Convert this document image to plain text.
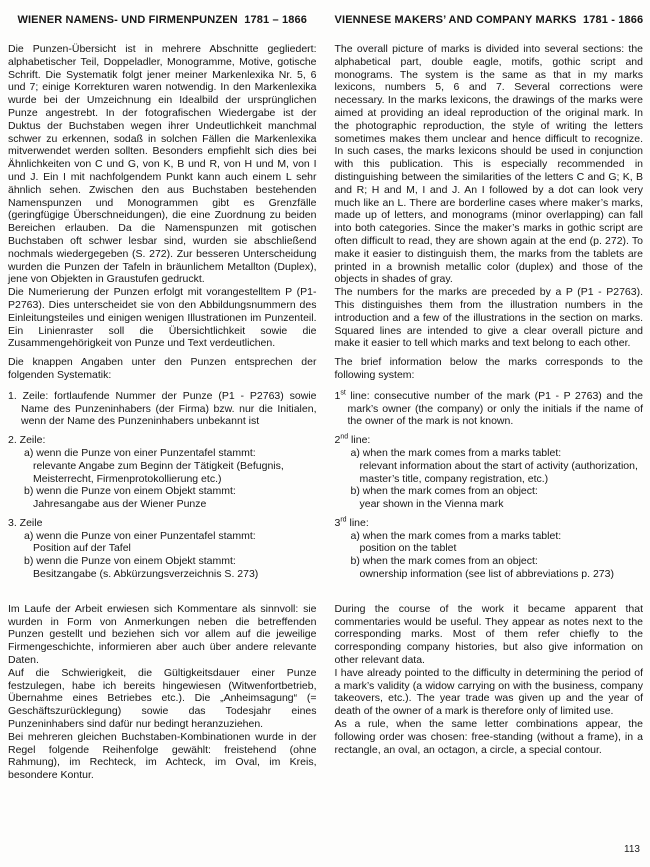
WIENER NAMENS- UND FIRMENPUNZEN  1781 – 1866

Die Punzen-Übersicht ist in mehrere Abschnitte gegliedert: alphabetischer Teil, Doppeladler, Monogramme, Motive, gotische Schrift. Die Systematik folgt jener meiner Markenlexika Nr. 5, 6 und 7; einige Korrekturen waren notwendig. In den Markenlexika wurde bei der Umzeichnung ein Idealbild der ursprünglichen Punze angestrebt. In der fotografischen Wiedergabe ist der Duktus der Buchstaben wegen ihrer Undeutlichkeit manchmal schwer zu erkennen, sodaß in solchen Fällen die Markenlexika mitverwendet werden sollten. Besonders empfiehlt sich dies bei Ähnlichkeiten von C und G, von K, B und R, von H und M, von I und J. Ein I mit nachfolgendem Punkt kann auch einem L sehr ähnlich sehen. Zwischen den aus Buchstaben bestehenden Namenspunzen und Monogrammen gibt es Grenzfälle (geringfügige Überschneidungen), die eine Zuordnung zu beiden Bereichen erlauben. Da die Namenspunzen mit gotischen Buchstaben oft schwer lesbar sind, wurden sie abschließend nochmals wiedergegeben (S. 272). Zur besseren Unterscheidung wurden die Punzen der Tafeln in bräunlichem Metallton (Duplex), jene von Objekten in Graustufen gedruckt.

Die Numerierung der Punzen erfolgt mit vorangestelltem P (P1-P2763). Dies unterscheidet sie von den Abbildungsnummern des Einleitungsteiles und einigen wenigen Illustrationen im Punzenteil. Ein Linienraster soll die Übersichtlichkeit sowie die Zusammengehörigkeit von Punze und Text verdeutlichen.

Die knappen Angaben unter den Punzen entsprechen der folgenden Systematik:

1. Zeile: fortlaufende Nummer der Punze (P1 - P2763) sowie Name des Punzeninhabers (der Firma) bzw. nur die Initialen, wenn der Name des Punzeninhabers unbekannt ist
2. Zeile:
a) wenn die Punze von einer Punzentafel stammt:
relevante Angabe zum Beginn der Tätigkeit (Befugnis, Meisterrecht, Firmenprotokollierung etc.)
b) wenn die Punze von einem Objekt stammt:
Jahresangabe aus der Wiener Punze
3. Zeile
a) wenn die Punze von einer Punzentafel stammt:
Position auf der Tafel
b) wenn die Punze von einem Objekt stammt:
Besitzangabe (s. Abkürzungsverzeichnis S. 273)

Im Laufe der Arbeit erwiesen sich Kommentare als sinnvoll: sie wurden in Form von Anmerkungen neben die betreffenden Punzen gestellt und beziehen sich vor allem auf die jeweilige Firmengeschichte, informieren aber auch über andere relevante Daten.

Auf die Schwierigkeit, die Gültigkeitsdauer einer Punze festzulegen, habe ich bereits hingewiesen (Witwenfortbetrieb, Übernahme eines Betriebes etc.). Die „Anheimsagung“ (= Geschäftszurücklegung) sowie das Todesjahr eines Punzeninhabers sind dafür nur bedingt heranzuziehen.

Bei mehreren gleichen Buchstaben-Kombinationen wurde in der Regel folgende Reihenfolge gewählt: freistehend (ohne Rahmung), im Rechteck, im Achteck, im Oval, im Kreis, besondere Kontur.

VIENNESE MAKERS’ AND COMPANY MARKS  1781 - 1866

The overall picture of marks is divided into several sections: the alphabetical part, double eagle, motifs, gothic script and monograms. The system is the same as that in my marks lexicons, numbers 5, 6 and 7. Several corrections were necessary. In the marks lexicons, the drawings of the marks were aimed at providing an ideal reproduction of the original mark. In the photographic reproduction, the style of writing the letters sometimes makes them unclear and hence difficult to recognize. In such cases, the marks lexicons should be used in conjunction with this publication. This is especially recommended in distinguishing between the similarities of the letters C and G; K, B and R; H and M, I and J. An I followed by a dot can look very much like an L. There are borderline cases where maker’s marks, made up of letters, and monograms (minor overlapping) can fall into both categories. Since the maker’s marks in gothic script are often difficult to read, they are shown again at the end (p. 272). To make it easier to distinguish them, the marks from the tablets are printed in a brownish metallic color (duplex) and those of the objects in shades of gray.

The numbers for the marks are preceded by a P (P1 - P2763). This distinguishes them from the illustration numbers in the introduction and a few of the illustrations in the section on marks. Squared lines are intended to give a clear overall picture and make it easier to tell which marks and text belong to each other.

The brief information below the marks corresponds to the following system:

1st line: consecutive number of the mark (P1 - P 2763) and the mark’s owner (the company) or only the initials if the name of the owner of the mark is not known.
2nd line:
a) when the mark comes from a marks tablet:
relevant information about the start of activity (authorization, master’s title, company registration, etc.)
b) when the mark comes from an object:
year shown in the Vienna mark
3rd line:
a) when the mark comes from a marks tablet:
position on the tablet
b) when the mark comes from an object:
ownership information (see list of abbreviations p. 273)

During the course of the work it became apparent that commentaries would be useful. They appear as notes next to the corresponding marks. Most of them refer chiefly to the corresponding company histories, but also give information on other relevant data.

I have already pointed to the difficulty in determining the period of a mark’s validity (a widow carrying on with the business, company takeovers, etc.). The year trade was given up and the year of death of the owner of a mark is therefore only of limited use.

As a rule, when the same letter combinations appear, the following order was chosen: free-standing (without a frame), in a rectangle, an oval, an octagon, a circle, a special contour.

113
